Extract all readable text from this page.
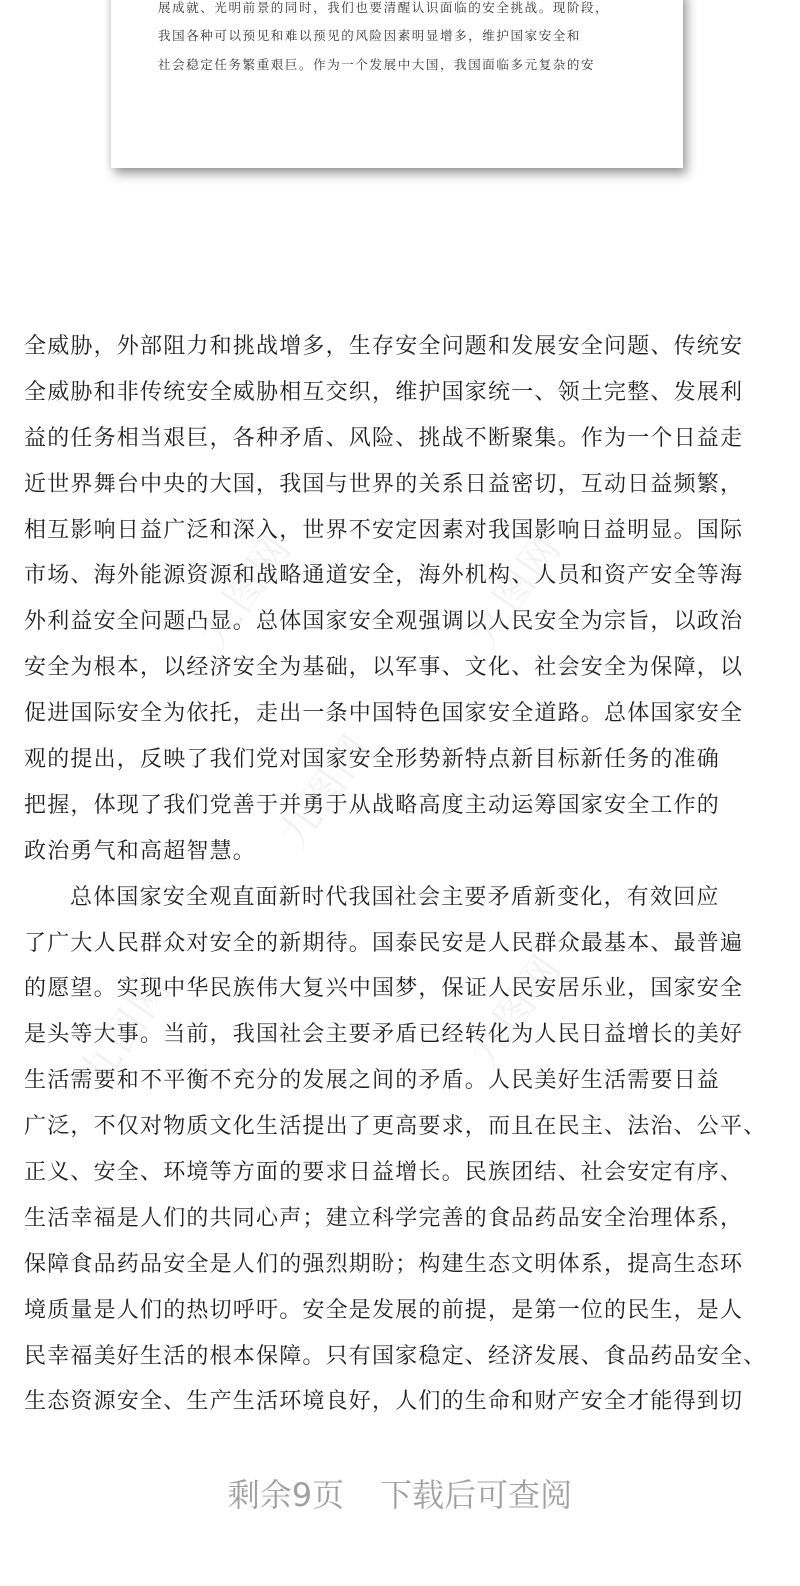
展成就、光明前景的同时，我们也要清醒认识面临的安全挑战。现阶段，
我国各种可以预见和难以预见的风险因素明显增多，维护国家安全和
社会稳定任务繁重艰巨。作为一个发展中大国，我国面临多元复杂的安
九图网	九图网
九图网
九图网	九图网
全威胁，外部阻力和挑战增多，生存安全问题和发展安全问题、传统安
全威胁和非传统安全威胁相互交织，维护国家统一、领土完整、发展利
益的任务相当艰巨，各种矛盾、风险、挑战不断聚集。作为一个日益走
近世界舞台中央的大国，我国与世界的关系日益密切，互动日益频繁，
相互影响日益广泛和深入，世界不安定因素对我国影响日益明显。国际
市场、海外能源资源和战略通道安全，海外机构、人员和资产安全等海
外利益安全问题凸显。总体国家安全观强调以人民安全为宗旨，以政治
安全为根本，以经济安全为基础，以军事、文化、社会安全为保障，以
促进国际安全为依托，走出一条中国特色国家安全道路。总体国家安全
观的提出，反映了我们党对国家安全形势新特点新目标新任务的准确
把握，体现了我们党善于并勇于从战略高度主动运筹国家安全工作的
政治勇气和高超智慧。
总体国家安全观直面新时代我国社会主要矛盾新变化，有效回应
了广大人民群众对安全的新期待。国泰民安是人民群众最基本、最普遍
的愿望。实现中华民族伟大复兴中国梦，保证人民安居乐业，国家安全
是头等大事。当前，我国社会主要矛盾已经转化为人民日益增长的美好
生活需要和不平衡不充分的发展之间的矛盾。人民美好生活需要日益
广泛，不仅对物质文化生活提出了更高要求，而且在民主、法治、公平、
正义、安全、环境等方面的要求日益增长。民族团结、社会安定有序、
生活幸福是人们的共同心声；建立科学完善的食品药品安全治理体系，
保障食品药品安全是人们的强烈期盼；构建生态文明体系，提高生态环
境质量是人们的热切呼吁。安全是发展的前提，是第一位的民生，是人
民幸福美好生活的根本保障。只有国家稳定、经济发展、食品药品安全、
生态资源安全、生产生活环境良好，人们的生命和财产安全才能得到切
剩余9页 下载后可查阅
